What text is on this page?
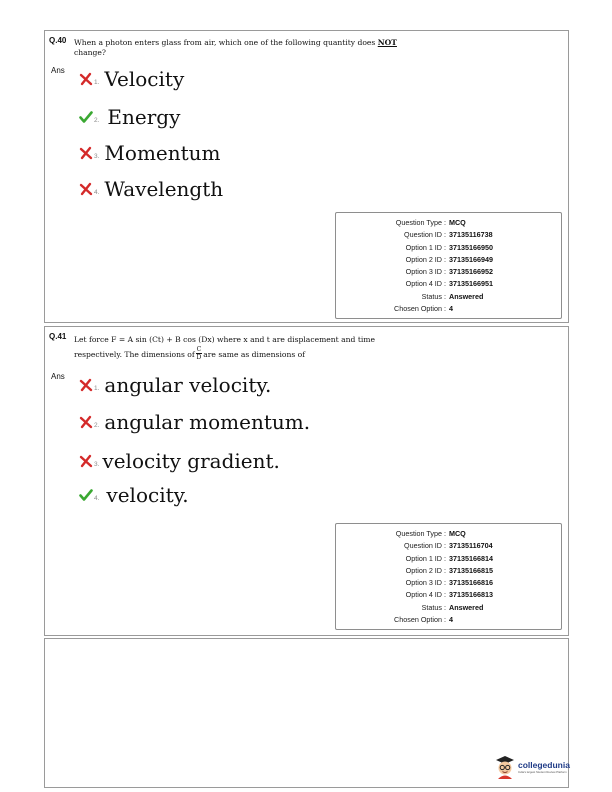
Q.40 When a photon enters glass from air, which one of the following quantity does NOT
change?
Ans
1. Velocity
2. Energy
3. Momentum
4. Wavelength
Question Type : MCQ
Question ID : 37135116738
Option 1 ID : 37135166950
Option 2 ID : 37135166949
Option 3 ID : 37135166952
Option 4 ID : 37135166951
Status : Answered
Chosen Option : 4
Q.41 Let force F = A sin (Ct) + B cos (Dx) where x and t are displacement and time
respectively. The dimensions of $\frac{C}{D}$ are same as dimensions of
Ans
1. angular velocity.
2. angular momentum.
3. velocity gradient.
4. velocity.
Question Type : MCQ
Question ID : 37135116704
Option 1 ID : 37135166814
Option 2 ID : 37135166815
Option 3 ID : 37135166816
Option 4 ID : 37135166813
Status : Answered
Chosen Option : 4
collegedunia
India's largest Student Review Platform
